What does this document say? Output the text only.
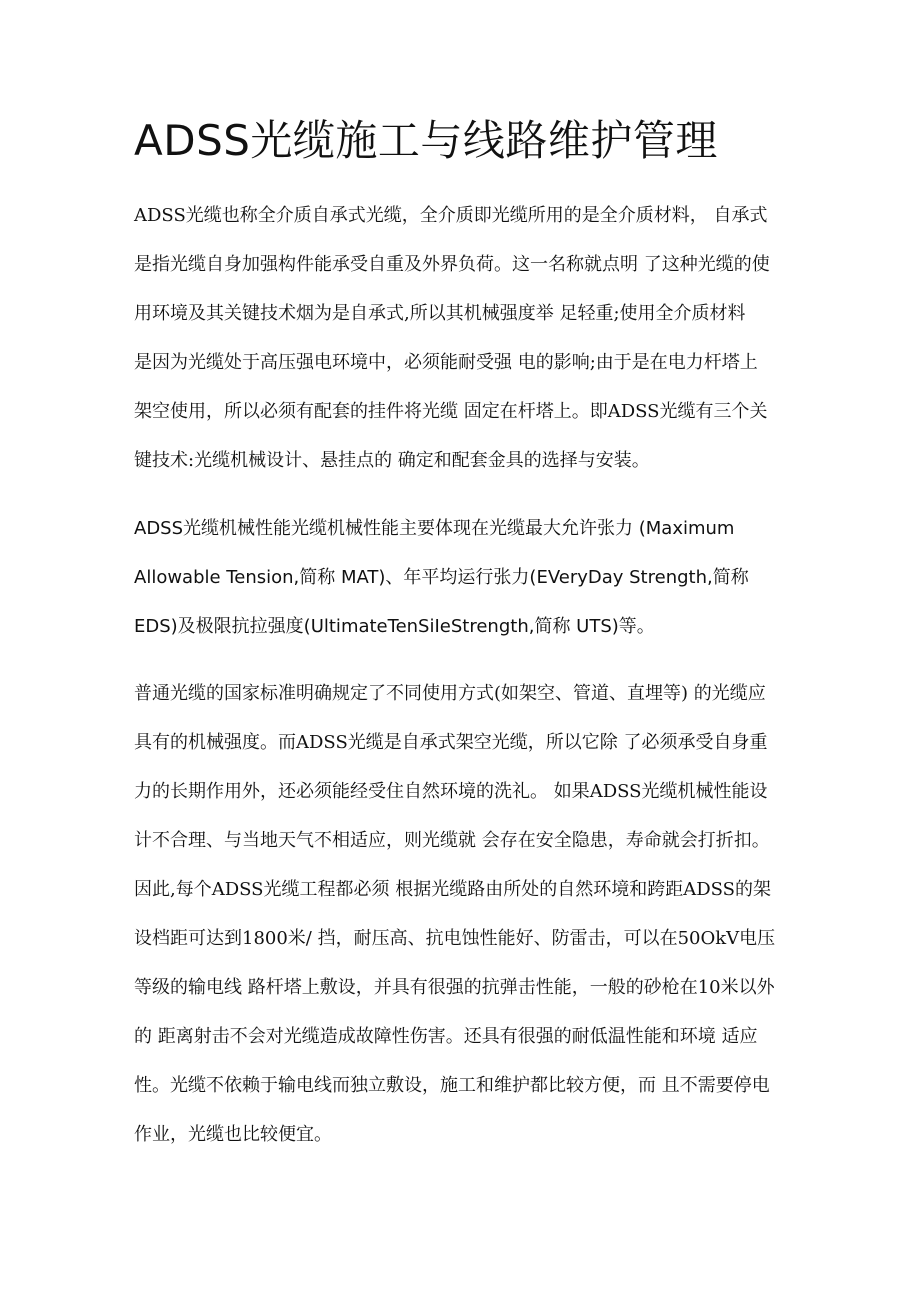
ADSS光缆施工与线路维护管理
ADSS光缆也称全介质自承式光缆，全介质即光缆所用的是全介质材料， 自承式
是指光缆自身加强构件能承受自重及外界负荷。这一名称就点明 了这种光缆的使
用环境及其关键技术烟为是自承式,所以其机械强度举 足轻重;使用全介质材料
是因为光缆处于高压强电环境中，必须能耐受强 电的影响;由于是在电力杆塔上
架空使用，所以必须有配套的挂件将光缆 固定在杆塔上。即ADSS光缆有三个关
键技术:光缆机械设计、悬挂点的 确定和配套金具的选择与安装。
ADSS光缆机械性能光缆机械性能主要体现在光缆最大允许张力 (Maximum
Allowable Tension,简称 MAT)、年平均运行张力(EVeryDay Strength,简称
EDS)及极限抗拉强度(UltimateTenSiIeStrength,简称 UTS)等。
普通光缆的国家标准明确规定了不同使用方式(如架空、管道、直埋等) 的光缆应
具有的机械强度。而ADSS光缆是自承式架空光缆，所以它除 了必须承受自身重
力的长期作用外，还必须能经受住自然环境的洗礼。 如果ADSS光缆机械性能设
计不合理、与当地天气不相适应，则光缆就 会存在安全隐患，寿命就会打折扣。
因此,每个ADSS光缆工程都必须 根据光缆路由所处的自然环境和跨距ADSS的架
设档距可达到1800米/ 挡，耐压高、抗电蚀性能好、防雷击，可以在50OkV电压
等级的输电线 路杆塔上敷设，并具有很强的抗弹击性能，一般的砂枪在10米以外
的 距离射击不会对光缆造成故障性伤害。还具有很强的耐低温性能和环境 适应
性。光缆不依赖于输电线而独立敷设，施工和维护都比较方便，而 且不需要停电
作业，光缆也比较便宜。
